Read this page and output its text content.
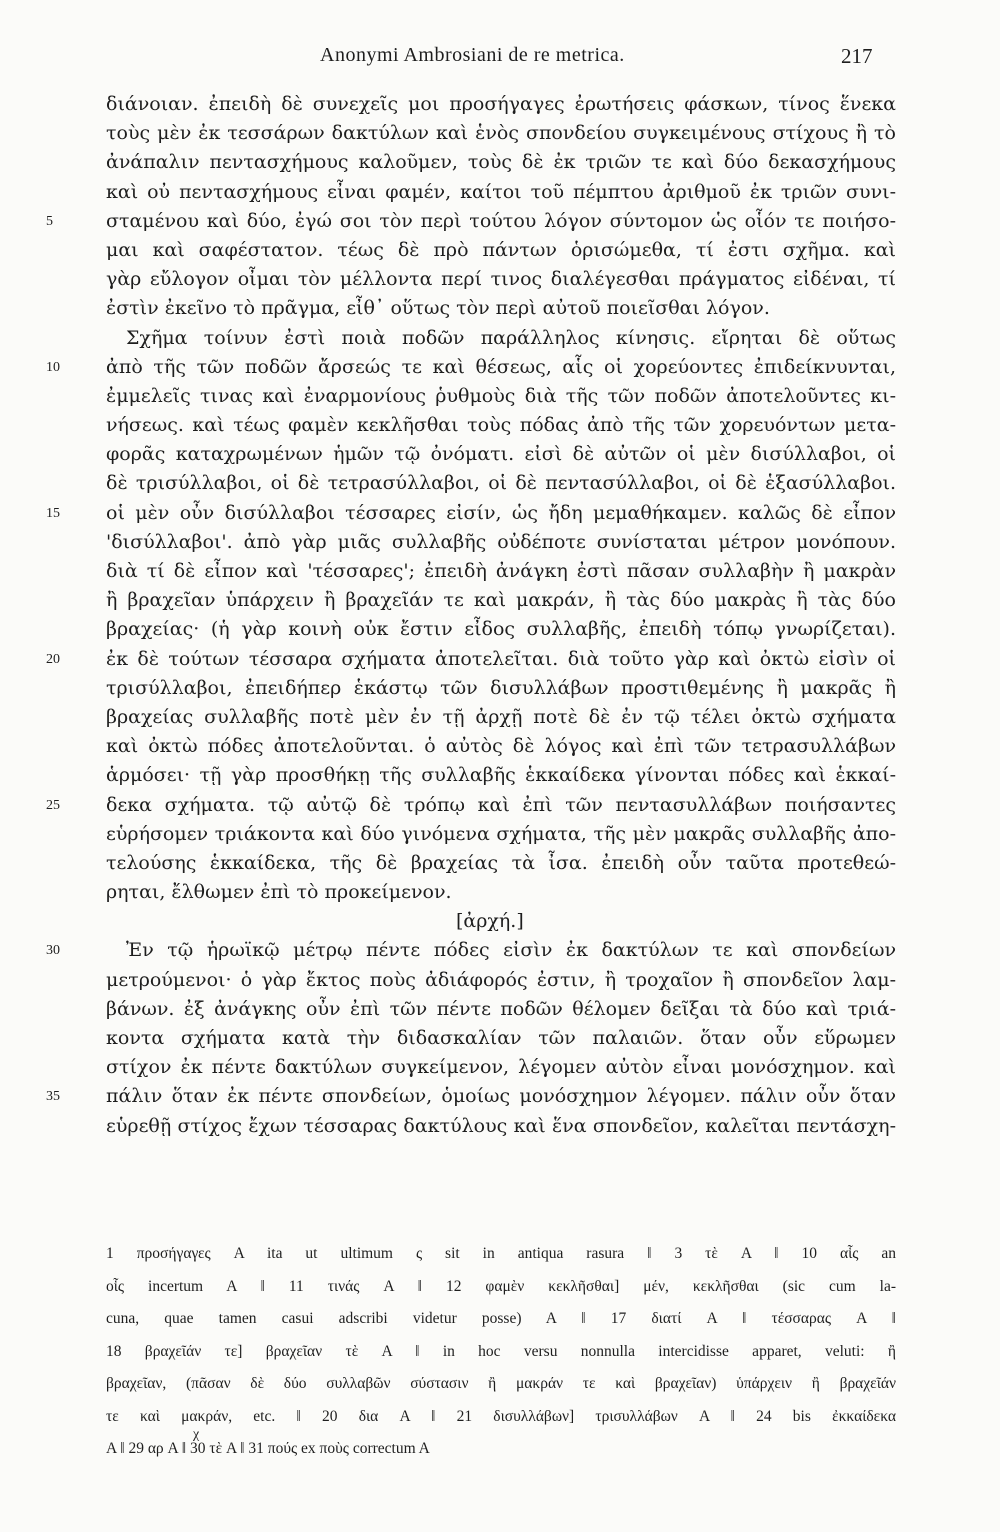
Anonymi Ambrosiani de re metrica.	217
διάνοιαν. ἐπειδὴ δὲ συνεχεῖς μοι προσήγαγες ἐρωτήσεις φάσκων, τίνος ἕνεκα
τοὺς μὲν ἐκ τεσσάρων δακτύλων καὶ ἑνὸς σπονδείου συγκειμένους στίχους ἢ τὸ
ἀνάπαλιν πεντασχήμους καλοῦμεν, τοὺς δὲ ἐκ τριῶν τε καὶ δύο δεκασχήμους
καὶ οὐ πεντασχήμους εἶναι φαμέν, καίτοι τοῦ πέμπτου ἀριθμοῦ ἐκ τριῶν συνι-
5	σταμένου καὶ δύο, ἐγώ σοι τὸν περὶ τούτου λόγον σύντομον ὡς οἷόν τε ποιήσο-
μαι καὶ σαφέστατον. τέως δὲ πρὸ πάντων ὁρισώμεθα, τί ἐστι σχῆμα. καὶ
γὰρ εὔλογον οἶμαι τὸν μέλλοντα περί τινος διαλέγεσθαι πράγματος εἰδέναι, τί
ἐστὶν ἐκεῖνο τὸ πρᾶγμα, εἶθ᾽ οὕτως τὸν περὶ αὐτοῦ ποιεῖσθαι λόγον.
Σχῆμα τοίνυν ἐστὶ ποιὰ ποδῶν παράλληλος κίνησις. εἴρηται δὲ οὕτως
10	ἀπὸ τῆς τῶν ποδῶν ἄρσεώς τε καὶ θέσεως, αἷς οἱ χορεύοντες ἐπιδείκνυνται,
ἐμμελεῖς τινας καὶ ἐναρμονίους ῥυθμοὺς διὰ τῆς τῶν ποδῶν ἀποτελοῦντες κι-
νήσεως. καὶ τέως φαμὲν κεκλῆσθαι τοὺς πόδας ἀπὸ τῆς τῶν χορευόντων μετα-
φορᾶς καταχρωμένων ἡμῶν τῷ ὀνόματι. εἰσὶ δὲ αὐτῶν οἱ μὲν δισύλλαβοι, οἱ
δὲ τρισύλλαβοι, οἱ δὲ τετρασύλλαβοι, οἱ δὲ πεντασύλλαβοι, οἱ δὲ ἑξασύλλαβοι.
15	οἱ μὲν οὖν δισύλλαβοι τέσσαρες εἰσίν, ὡς ἤδη μεμαθήκαμεν. καλῶς δὲ εἶπον
'δισύλλαβοι'. ἀπὸ γὰρ μιᾶς συλλαβῆς οὐδέποτε συνίσταται μέτρον μονόπουν.
διὰ τί δὲ εἶπον καὶ 'τέσσαρες'; ἐπειδὴ ἀνάγκη ἐστὶ πᾶσαν συλλαβὴν ἢ μακρὰν
ἢ βραχεῖαν ὑπάρχειν ἢ βραχεῖάν τε καὶ μακράν, ἢ τὰς δύο μακρὰς ἢ τὰς δύο
βραχείας· (ἡ γὰρ κοινὴ οὐκ ἔστιν εἶδος συλλαβῆς, ἐπειδὴ τόπῳ γνωρίζεται).
20	ἐκ δὲ τούτων τέσσαρα σχήματα ἀποτελεῖται. διὰ τοῦτο γὰρ καὶ ὀκτὼ εἰσὶν οἱ
τρισύλλαβοι, ἐπειδήπερ ἑκάστῳ τῶν δισυλλάβων προστιθεμένης ἢ μακρᾶς ἢ
βραχείας συλλαβῆς ποτὲ μὲν ἐν τῇ ἀρχῇ ποτὲ δὲ ἐν τῷ τέλει ὀκτὼ σχήματα
καὶ ὀκτὼ πόδες ἀποτελοῦνται. ὁ αὐτὸς δὲ λόγος καὶ ἐπὶ τῶν τετρασυλλάβων
ἁρμόσει· τῇ γὰρ προσθήκῃ τῆς συλλαβῆς ἑκκαίδεκα γίνονται πόδες καὶ ἑκκαί-
25	δεκα σχήματα. τῷ αὐτῷ δὲ τρόπῳ καὶ ἐπὶ τῶν πεντασυλλάβων ποιήσαντες
εὑρήσομεν τριάκοντα καὶ δύο γινόμενα σχήματα, τῆς μὲν μακρᾶς συλλαβῆς ἀπο-
τελούσης ἑκκαίδεκα, τῆς δὲ βραχείας τὰ ἶσα. ἐπειδὴ οὖν ταῦτα προτεθεώ-
ρηται, ἔλθωμεν ἐπὶ τὸ προκείμενον.
[ἀρχή.]
30	Ἐν τῷ ἡρωϊκῷ μέτρῳ πέντε πόδες εἰσὶν ἐκ δακτύλων τε καὶ σπονδείων
μετρούμενοι· ὁ γὰρ ἔκτος ποὺς ἀδιάφορός ἐστιν, ἢ τροχαῖον ἢ σπονδεῖον λαμ-
βάνων. ἐξ ἀνάγκης οὖν ἐπὶ τῶν πέντε ποδῶν θέλομεν δεῖξαι τὰ δύο καὶ τριά-
κοντα σχήματα κατὰ τὴν διδασκαλίαν τῶν παλαιῶν. ὅταν οὖν εὕρωμεν
στίχον ἐκ πέντε δακτύλων συγκείμενον, λέγομεν αὐτὸν εἶναι μονόσχημον. καὶ
35	πάλιν ὅταν ἐκ πέντε σπονδείων, ὁμοίως μονόσχημον λέγομεν. πάλιν οὖν ὅταν
εὑρεθῇ στίχος ἔχων τέσσαρας δακτύλους καὶ ἕνα σπονδεῖον, καλεῖται πεντάσχη-
1 προσήγαγες A ita ut ultimum ς sit in antiqua rasura ‖ 3 τὲ A ‖ 10 αἷς an
οἷς incertum A ‖ 11 τινάς A ‖ 12 φαμὲν κεκλῆσθαι] μέν, κεκλῆσθαι (sic cum la-
cuna, quae tamen casui adscribi videtur posse) A ‖ 17 διατί A ‖ τέσσαρας A ‖
18 βραχεῖάν τε] βραχεῖαν τὲ A ‖ in hoc versu nonnulla intercidisse apparet, veluti: ἢ
βραχεῖαν, (πᾶσαν δὲ δύο συλλαβῶν σύστασιν ἢ μακράν τε καὶ βραχεῖαν) ὑπάρχειν ἢ βραχεῖάν
τε καὶ μακράν, etc. ‖ 20 δια A ‖ 21 δισυλλάβων] τρισυλλάβων A ‖ 24 bis ἐκκαίδεκα
χ
A ‖ 29 αρ A ‖ 30 τὲ A ‖ 31 πούς ex ποὺς correctum A
